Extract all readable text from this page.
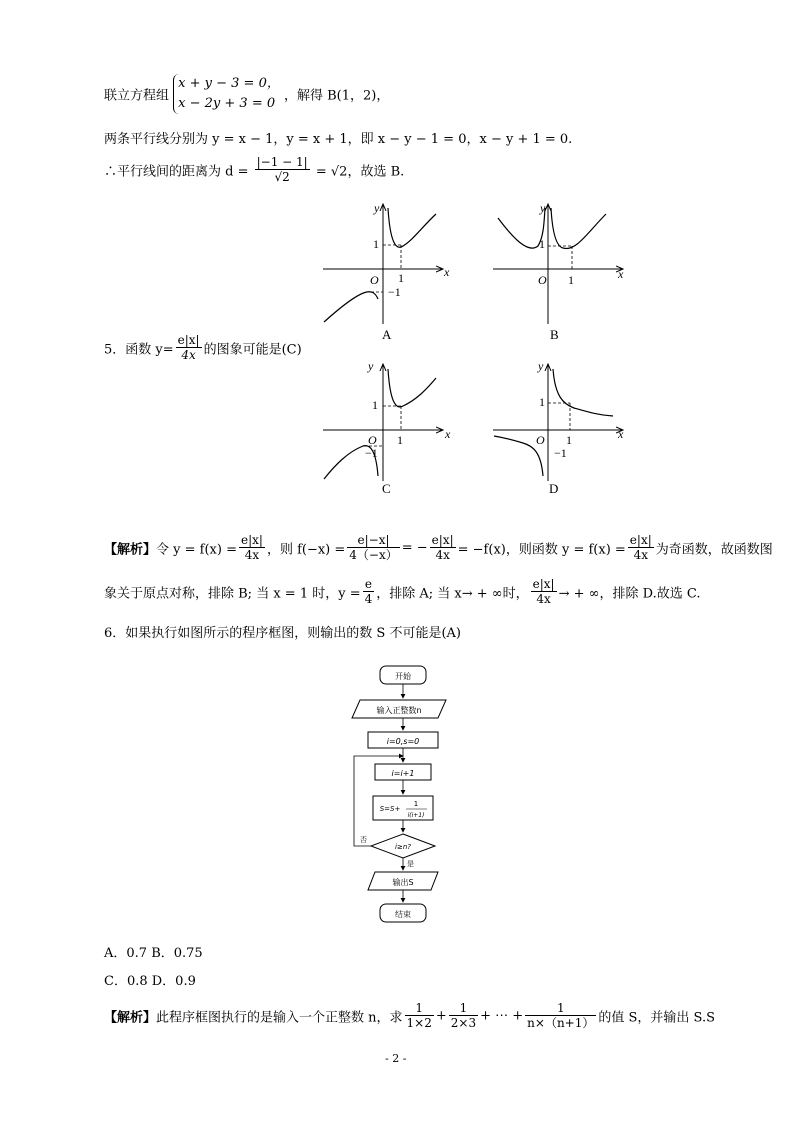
联立方程组 x + y − 3 = 0，
x − 2y + 3 = 0 ，解得 B(1，2)，
两条平行线分别为 y = x − 1，y = x + 1，即 x − y − 1 = 0，x − y + 1 = 0.
∴平行线间的距离为 $d = \frac{|-1 - 1|}{√2} = √2$，故选 B.
y
x
O
1
1
−1
A
y
x
O
1
1
B
y
x
O
1
1
−1
C
y
x
O
1
1
−1
D
5．函数 $y= \frac{e|x|}{4x}$ 的图象可能是(C)
【解析】令 $y = f(x) = \frac{e|x|}{4x}$ ，则 $f(-x) = \frac{e|-x|}{4(-x)}$ = − $\frac{e|x|}{4x} = -f(x)$，则函数 $y = f(x) = \frac{e|x|}{4x}$ 为奇函数，故函数图
象关于原点对称，排除 B; 当 x = 1 时，$y = \frac{e}{4}$ ，排除 A; 当 x→ + ∞时， $\frac{e|x|}{4x}$ → + ∞，排除 D.故选 C.
6．如果执行如图所示的程序框图，则输出的数 S 不可能是(A)
开始
输入正整数n
i=0,s=0
i=i+1
S=S+
1
i(i+1)
i≥n?
否
是
输出S
结束
A．0.7 B．0.75
C．0.8 D．0.9
【解析】此程序框图执行的是输入一个正整数 n，求 $\frac{1}{1\times 2} + \frac{1}{2\times 3}$ + ⋯ + $\frac{1}{n\times(n+1)}$ 的值 S，并输出 S.S
- 2 -
